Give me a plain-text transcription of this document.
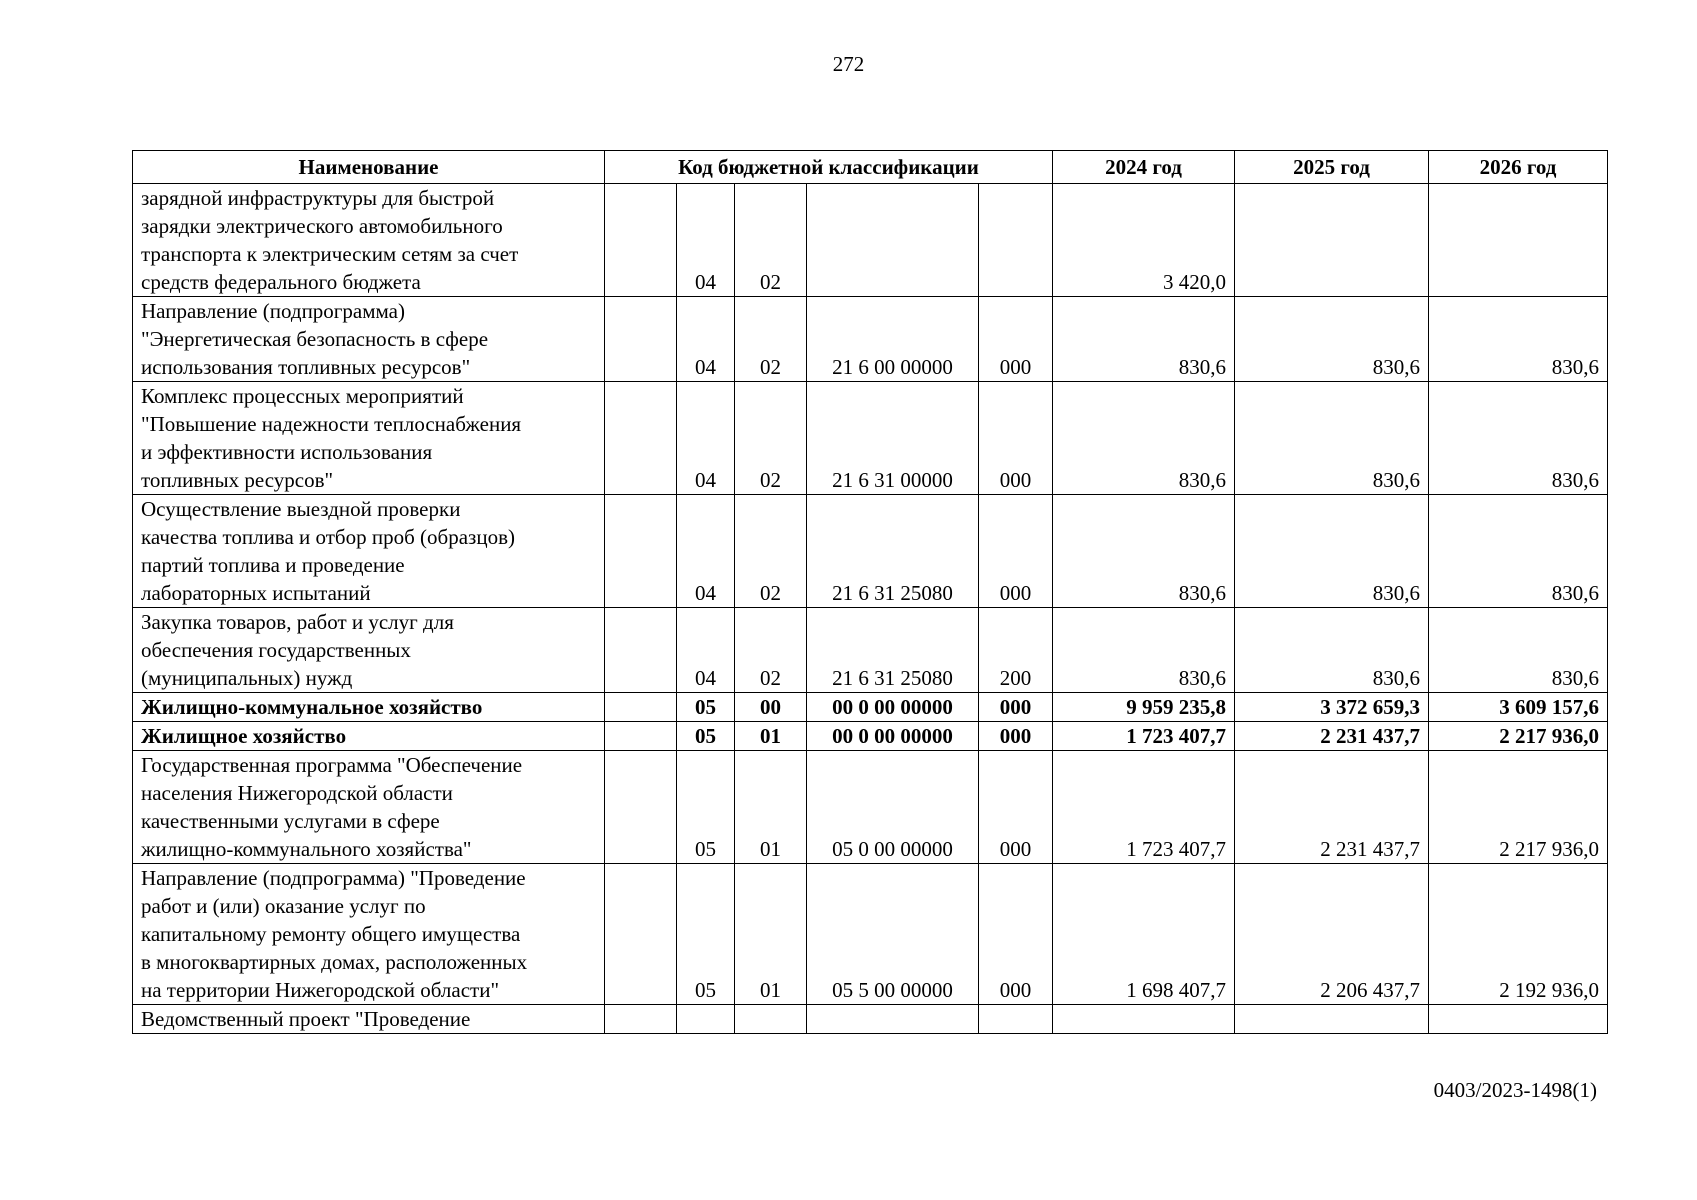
272
Наименование	Код бюджетной классификации					2024 год	2025 год	2026 год
зарядной инфраструктуры для быстрой
зарядки электрического автомобильного
транспорта к электрическим сетям за счет
средств федерального бюджета		04	02			3 420,0		
Направление (подпрограмма)
"Энергетическая безопасность в сфере
использования топливных ресурсов"		04	02	21 6 00 00000	000	830,6	830,6	830,6
Комплекс процессных мероприятий
"Повышение надежности теплоснабжения
и эффективности использования
топливных ресурсов"		04	02	21 6 31 00000	000	830,6	830,6	830,6
Осуществление выездной проверки
качества топлива и отбор проб (образцов)
партий топлива и проведение
лабораторных испытаний		04	02	21 6 31 25080	000	830,6	830,6	830,6
Закупка товаров, работ и услуг для
обеспечения государственных
(муниципальных) нужд		04	02	21 6 31 25080	200	830,6	830,6	830,6
Жилищно-коммунальное хозяйство		05	00	00 0 00 00000	000	9 959 235,8	3 372 659,3	3 609 157,6
Жилищное хозяйство		05	01	00 0 00 00000	000	1 723 407,7	2 231 437,7	2 217 936,0
Государственная программа "Обеспечение
населения Нижегородской области
качественными услугами в сфере
жилищно-коммунального хозяйства"		05	01	05 0 00 00000	000	1 723 407,7	2 231 437,7	2 217 936,0
Направление (подпрограмма) "Проведение
работ и (или) оказание услуг по
капитальному ремонту общего имущества
в многоквартирных домах, расположенных
на территории Нижегородской области"		05	01	05 5 00 00000	000	1 698 407,7	2 206 437,7	2 192 936,0
Ведомственный проект "Проведение								
0403/2023-1498(1)
